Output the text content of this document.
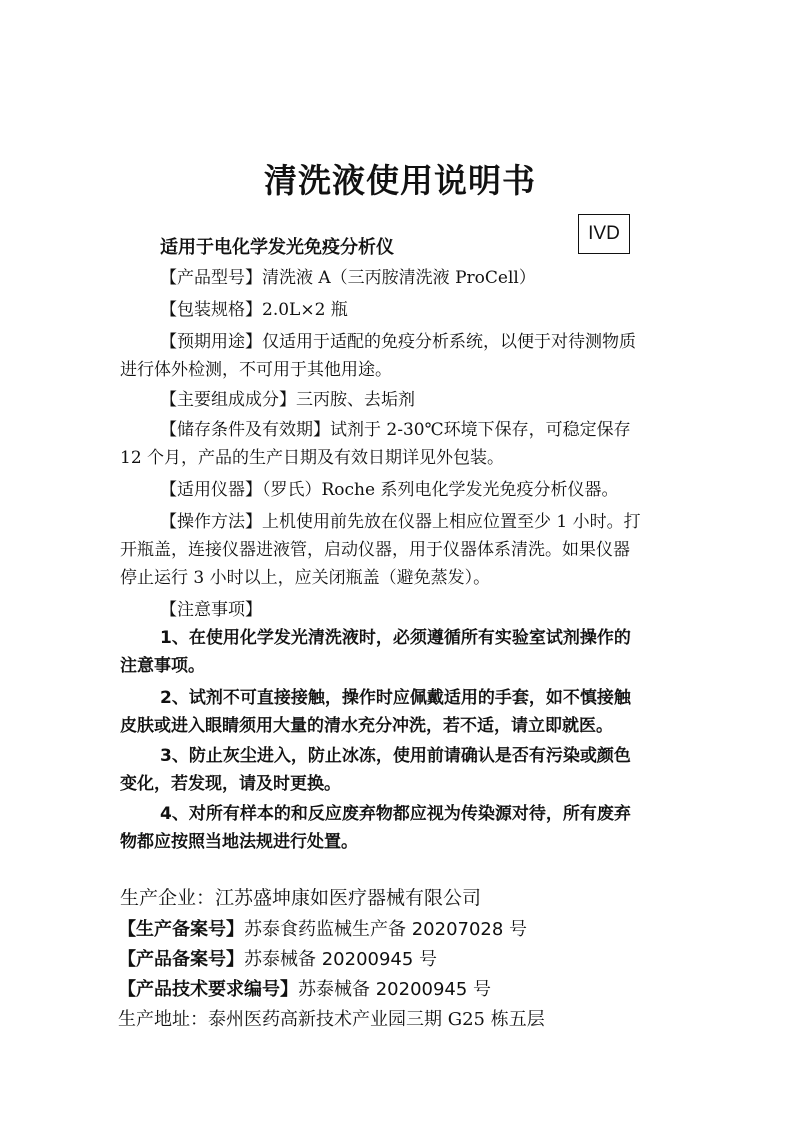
清洗液使用说明书
IVD
适用于电化学发光免疫分析仪
【产品型号】清洗液 A（三丙胺清洗液 ProCell）
【包装规格】2.0L×2 瓶
【预期用途】仅适用于适配的免疫分析系统，以便于对待测物质
进行体外检测，不可用于其他用途。
【主要组成成分】三丙胺、去垢剂
【储存条件及有效期】试剂于 2-30℃环境下保存，可稳定保存
12 个月，产品的生产日期及有效日期详见外包装。
【适用仪器】（罗氏）Roche 系列电化学发光免疫分析仪器。
【操作方法】上机使用前先放在仪器上相应位置至少 1 小时。打
开瓶盖，连接仪器进液管，启动仪器，用于仪器体系清洗。如果仪器
停止运行 3 小时以上，应关闭瓶盖（避免蒸发）。
【注意事项】
1、在使用化学发光清洗液时，必须遵循所有实验室试剂操作的
注意事项。
2、试剂不可直接接触，操作时应佩戴适用的手套，如不慎接触
皮肤或进入眼睛须用大量的清水充分冲洗，若不适，请立即就医。
3、防止灰尘进入，防止冰冻，使用前请确认是否有污染或颜色
变化，若发现，请及时更换。
4、对所有样本的和反应废弃物都应视为传染源对待，所有废弃
物都应按照当地法规进行处置。
生产企业：江苏盛坤康如医疗器械有限公司
【生产备案号】苏泰食药监械生产备 20207028 号
【产品备案号】苏泰械备 20200945 号
【产品技术要求编号】苏泰械备 20200945 号
生产地址：泰州医药高新技术产业园三期 G25 栋五层
